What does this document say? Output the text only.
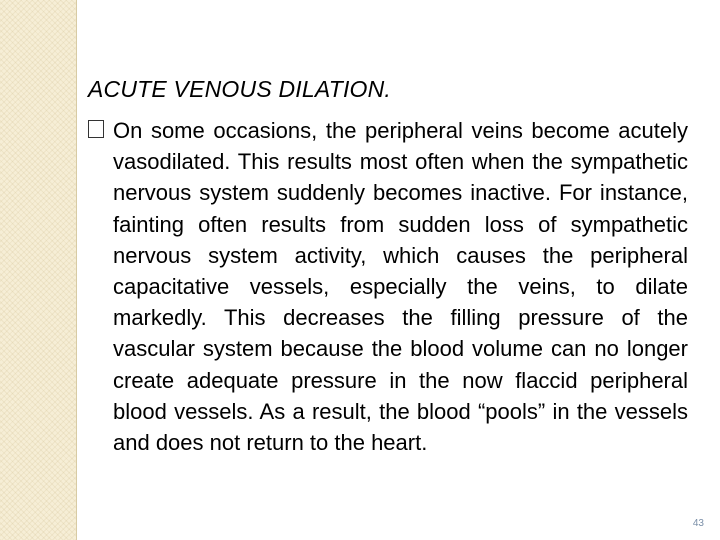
ACUTE VENOUS DILATION.

On some occasions, the peripheral veins become acutely vasodilated. This results most often when the sympathetic nervous system suddenly becomes inactive. For instance, fainting often results from sudden loss of sympathetic nervous system activity, which causes the peripheral capacitative vessels, especially the veins, to dilate markedly. This decreases the filling pressure of the vascular system because the blood volume can no longer create adequate pressure in the now flaccid peripheral blood vessels. As a result, the blood “pools” in the vessels and does not return to the heart.

43
